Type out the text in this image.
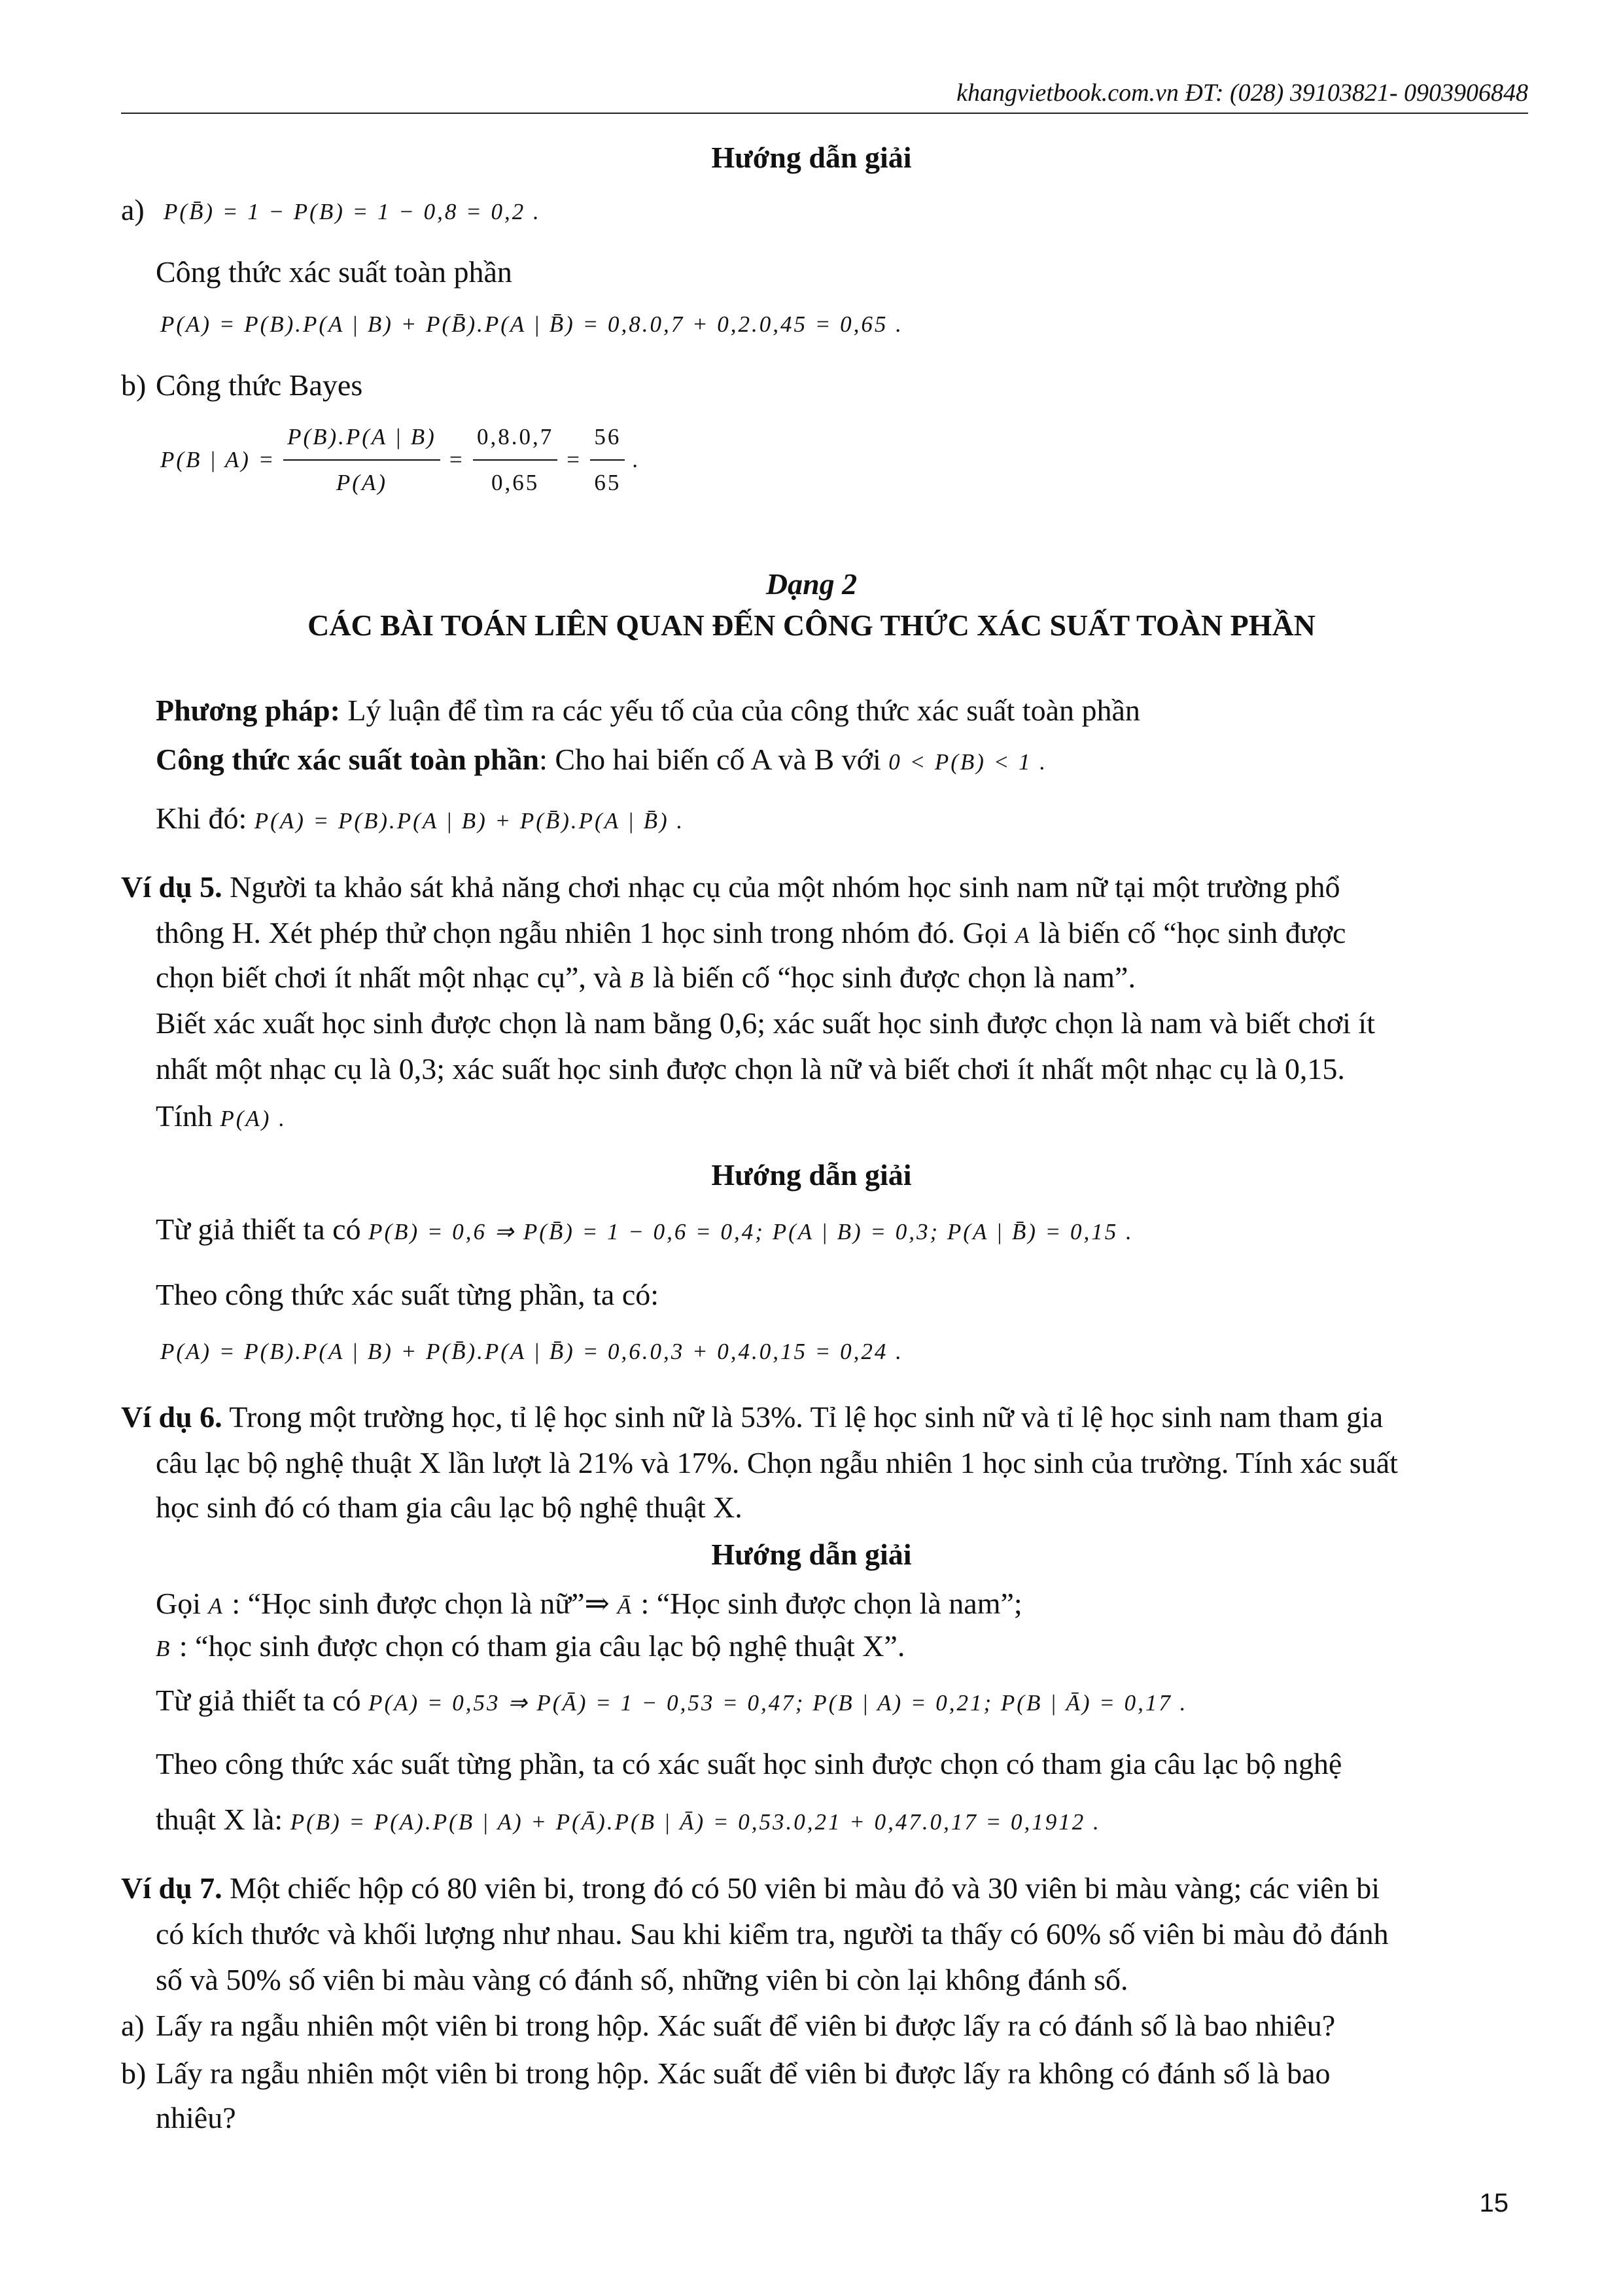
khangvietbook.com.vn ĐT: (028) 39103821- 0903906848
Hướng dẫn giải
a) P(B̄) = 1 − P(B) = 1 − 0,8 = 0,2 .
Công thức xác suất toàn phần
P(A) = P(B).P(A | B) + P(B̄).P(A | B̄) = 0,8.0,7 + 0,2.0,45 = 0,65 .
b) Công thức Bayes
P(B | $A) = \frac{P(B).P(A | B)}{P(A)} = \frac{0,8.0,7}{0,65} = \frac{56}{65}$ .
Dạng 2
CÁC BÀI TOÁN LIÊN QUAN ĐẾN CÔNG THỨC XÁC SUẤT TOÀN PHẦN
Phương pháp: Lý luận để tìm ra các yếu tố của của công thức xác suất toàn phần
Công thức xác suất toàn phần: Cho hai biến cố A và B với 0 < P(B) < 1 .
Khi đó: P(A) = P(B).P(A | B) + P(B̄).P(A | B̄) .
Ví dụ 5. Người ta khảo sát khả năng chơi nhạc cụ của một nhóm học sinh nam nữ tại một trường phổ
thông H. Xét phép thử chọn ngẫu nhiên 1 học sinh trong nhóm đó. Gọi A là biến cố “học sinh được
chọn biết chơi ít nhất một nhạc cụ”, và B là biến cố “học sinh được chọn là nam”.
Biết xác xuất học sinh được chọn là nam bằng 0,6; xác suất học sinh được chọn là nam và biết chơi ít
nhất một nhạc cụ là 0,3; xác suất học sinh được chọn là nữ và biết chơi ít nhất một nhạc cụ là 0,15.
Tính P(A) .
Hướng dẫn giải
Từ giả thiết ta có P(B) = 0,6 ⇒ P(B̄) = 1 − 0,6 = 0,4; P(A | B) = 0,3; P(A | B̄) = 0,15 .
Theo công thức xác suất từng phần, ta có:
P(A) = P(B).P(A | B) + P(B̄).P(A | B̄) = 0,6.0,3 + 0,4.0,15 = 0,24 .
Ví dụ 6. Trong một trường học, tỉ lệ học sinh nữ là 53%. Tỉ lệ học sinh nữ và tỉ lệ học sinh nam tham gia
câu lạc bộ nghệ thuật X lần lượt là 21% và 17%. Chọn ngẫu nhiên 1 học sinh của trường. Tính xác suất
học sinh đó có tham gia câu lạc bộ nghệ thuật X.
Hướng dẫn giải
Gọi A : “Học sinh được chọn là nữ”⇒ Ā : “Học sinh được chọn là nam”;
B : “học sinh được chọn có tham gia câu lạc bộ nghệ thuật X”.
Từ giả thiết ta có P(A) = 0,53 ⇒ P(Ā) = 1 − 0,53 = 0,47; P(B | A) = 0,21; P(B | Ā) = 0,17 .
Theo công thức xác suất từng phần, ta có xác suất học sinh được chọn có tham gia câu lạc bộ nghệ
thuật X là: P(B) = P(A).P(B | A) + P(Ā).P(B | Ā) = 0,53.0,21 + 0,47.0,17 = 0,1912 .
Ví dụ 7. Một chiếc hộp có 80 viên bi, trong đó có 50 viên bi màu đỏ và 30 viên bi màu vàng; các viên bi
có kích thước và khối lượng như nhau. Sau khi kiểm tra, người ta thấy có 60% số viên bi màu đỏ đánh
số và 50% số viên bi màu vàng có đánh số, những viên bi còn lại không đánh số.
a) Lấy ra ngẫu nhiên một viên bi trong hộp. Xác suất để viên bi được lấy ra có đánh số là bao nhiêu?
b) Lấy ra ngẫu nhiên một viên bi trong hộp. Xác suất để viên bi được lấy ra không có đánh số là bao
nhiêu?
15
